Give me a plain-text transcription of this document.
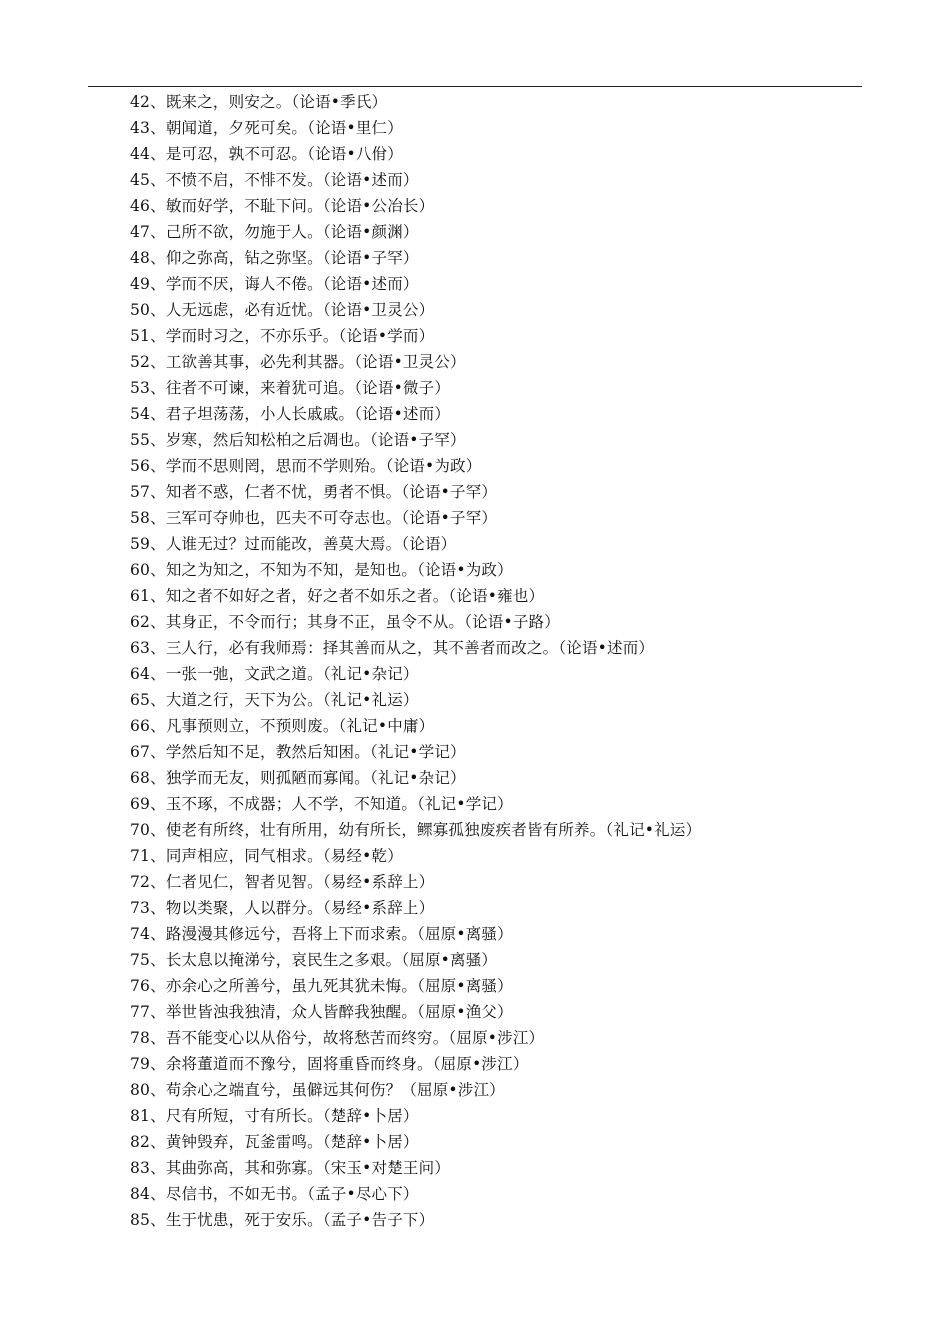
42、既来之，则安之。（论语•季氏）
43、朝闻道，夕死可矣。（论语•里仁）
44、是可忍，孰不可忍。（论语•八佾）
45、不愤不启，不悱不发。（论语•述而）
46、敏而好学，不耻下问。（论语•公冶长）
47、己所不欲，勿施于人。（论语•颜渊）
48、仰之弥高，钻之弥坚。（论语•子罕）
49、学而不厌，诲人不倦。（论语•述而）
50、人无远虑，必有近忧。（论语•卫灵公）
51、学而时习之，不亦乐乎。（论语•学而）
52、工欲善其事，必先利其器。（论语•卫灵公）
53、往者不可谏，来着犹可追。（论语•微子）
54、君子坦荡荡，小人长戚戚。（论语•述而）
55、岁寒，然后知松柏之后凋也。（论语•子罕）
56、学而不思则罔，思而不学则殆。（论语•为政）
57、知者不惑，仁者不忧，勇者不惧。（论语•子罕）
58、三军可夺帅也，匹夫不可夺志也。（论语•子罕）
59、人谁无过？过而能改，善莫大焉。（论语）
60、知之为知之，不知为不知，是知也。（论语•为政）
61、知之者不如好之者，好之者不如乐之者。（论语•雍也）
62、其身正，不令而行；其身不正，虽令不从。（论语•子路）
63、三人行，必有我师焉：择其善而从之，其不善者而改之。（论语•述而）
64、一张一弛，文武之道。（礼记•杂记）
65、大道之行，天下为公。（礼记•礼运）
66、凡事预则立，不预则废。（礼记•中庸）
67、学然后知不足，教然后知困。（礼记•学记）
68、独学而无友，则孤陋而寡闻。（礼记•杂记）
69、玉不琢，不成器；人不学，不知道。（礼记•学记）
70、使老有所终，壮有所用，幼有所长，鳏寡孤独废疾者皆有所养。（礼记•礼运）
71、同声相应，同气相求。（易经•乾）
72、仁者见仁，智者见智。（易经•系辞上）
73、物以类聚，人以群分。（易经•系辞上）
74、路漫漫其修远兮，吾将上下而求索。（屈原•离骚）
75、长太息以掩涕兮，哀民生之多艰。（屈原•离骚）
76、亦余心之所善兮，虽九死其犹未悔。（屈原•离骚）
77、举世皆浊我独清，众人皆醉我独醒。（屈原•渔父）
78、吾不能变心以从俗兮，故将愁苦而终穷。（屈原•涉江）
79、余将董道而不豫兮，固将重昏而终身。（屈原•涉江）
80、苟余心之端直兮，虽僻远其何伤？（屈原•涉江）
81、尺有所短，寸有所长。（楚辞•卜居）
82、黄钟毁弃，瓦釜雷鸣。（楚辞•卜居）
83、其曲弥高，其和弥寡。（宋玉•对楚王问）
84、尽信书，不如无书。（孟子•尽心下）
85、生于忧患，死于安乐。（孟子•告子下）
